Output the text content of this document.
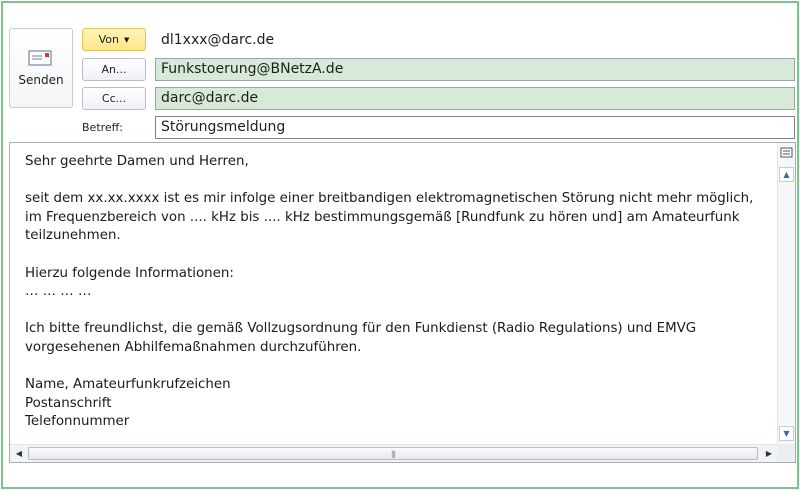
Senden
Von ▼ dl1xxx@darc.de
An...	Funkstoerung@BNetzA.de
Cc...	darc@darc.de
Betreff:	Störungsmeldung
Sehr geehrte Damen und Herren,

seit dem xx.xx.xxxx ist es mir infolge einer breitbandigen elektromagnetischen Störung nicht mehr möglich,
im Frequenzbereich von .... kHz bis .... kHz bestimmungsgemäß [Rundfunk zu hören und] am Amateurfunk
teilzunehmen.

Hierzu folgende Informationen:
… … … …

Ich bitte freundlichst, die gemäß Vollzugsordnung für den Funkdienst (Radio Regulations) und EMVG
vorgesehenen Abhilfemaßnahmen durchzuführen.

Name, Amateurfunkrufzeichen
Postanschrift
Telefonnummer
▲
▼
◀	|||	▶
